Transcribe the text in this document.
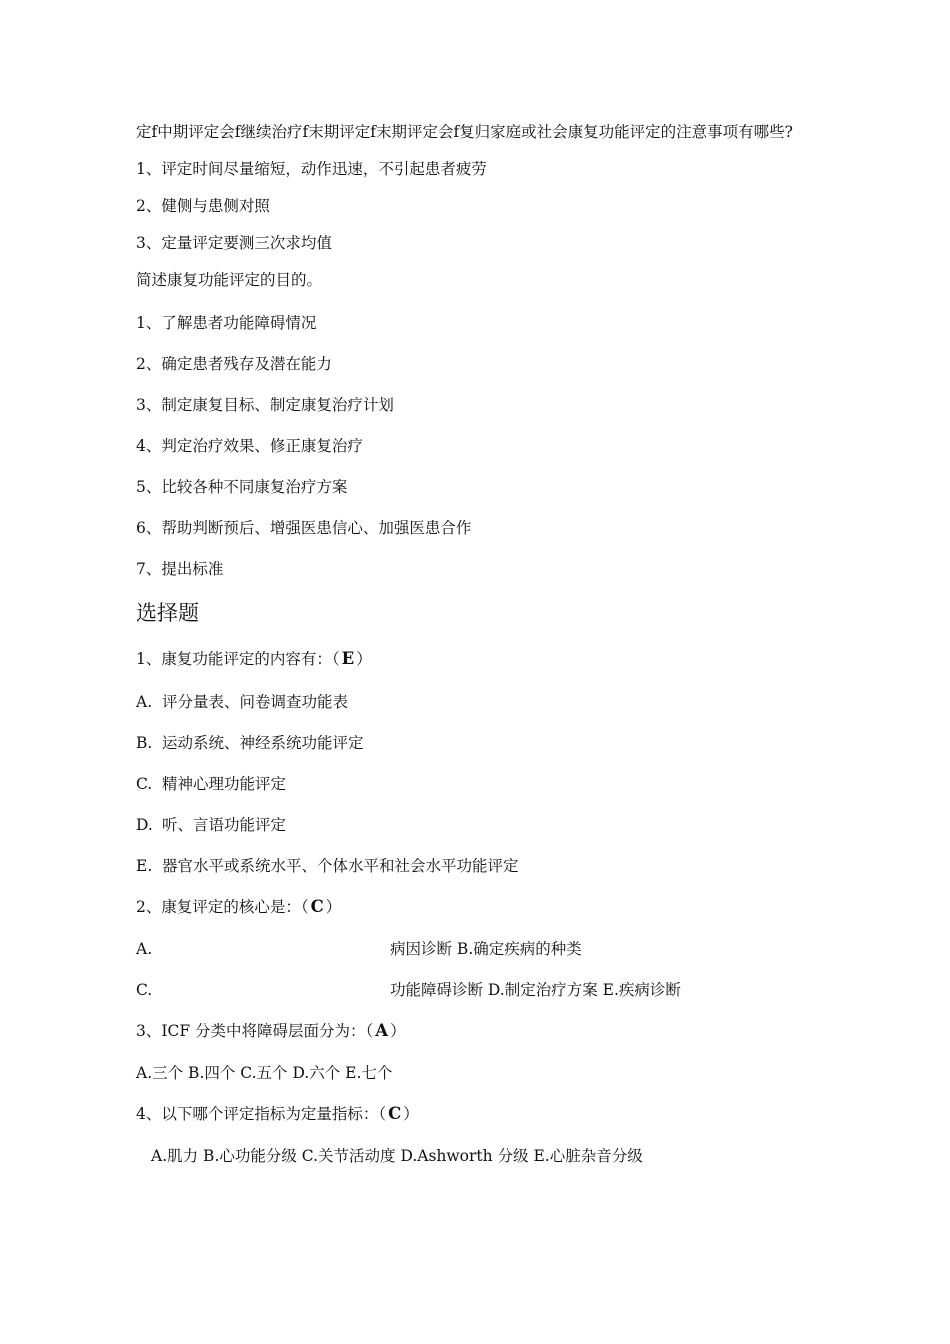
定f中期评定会f继续治疗f末期评定f末期评定会f复归家庭或社会康复功能评定的注意事项有哪些?
1、评定时间尽量缩短，动作迅速，不引起患者疲劳
2、健侧与患侧对照
3、定量评定要测三次求均值
简述康复功能评定的目的。
1、了解患者功能障碍情况
2、确定患者残存及潜在能力
3、制定康复目标、制定康复治疗计划
4、判定治疗效果、修正康复治疗
5、比较各种不同康复治疗方案
6、帮助判断预后、增强医患信心、加强医患合作
7、提出标准
选择题
1、康复功能评定的内容有：（ E ）
A. 评分量表、问卷调查功能表
B. 运动系统、神经系统功能评定
C. 精神心理功能评定
D. 听、言语功能评定
E. 器官水平或系统水平、个体水平和社会水平功能评定
2、康复评定的核心是：（ C ）
A.	病因诊断 B.确定疾病的种类
C.	功能障碍诊断 D.制定治疗方案 E.疾病诊断
3、ICF 分类中将障碍层面分为：（ A ）
A.三个 B.四个 C.五个 D.六个 E.七个
4、以下哪个评定指标为定量指标：（ C ）
A.肌力 B.心功能分级 C.关节活动度 D.Ashworth 分级 E.心脏杂音分级
